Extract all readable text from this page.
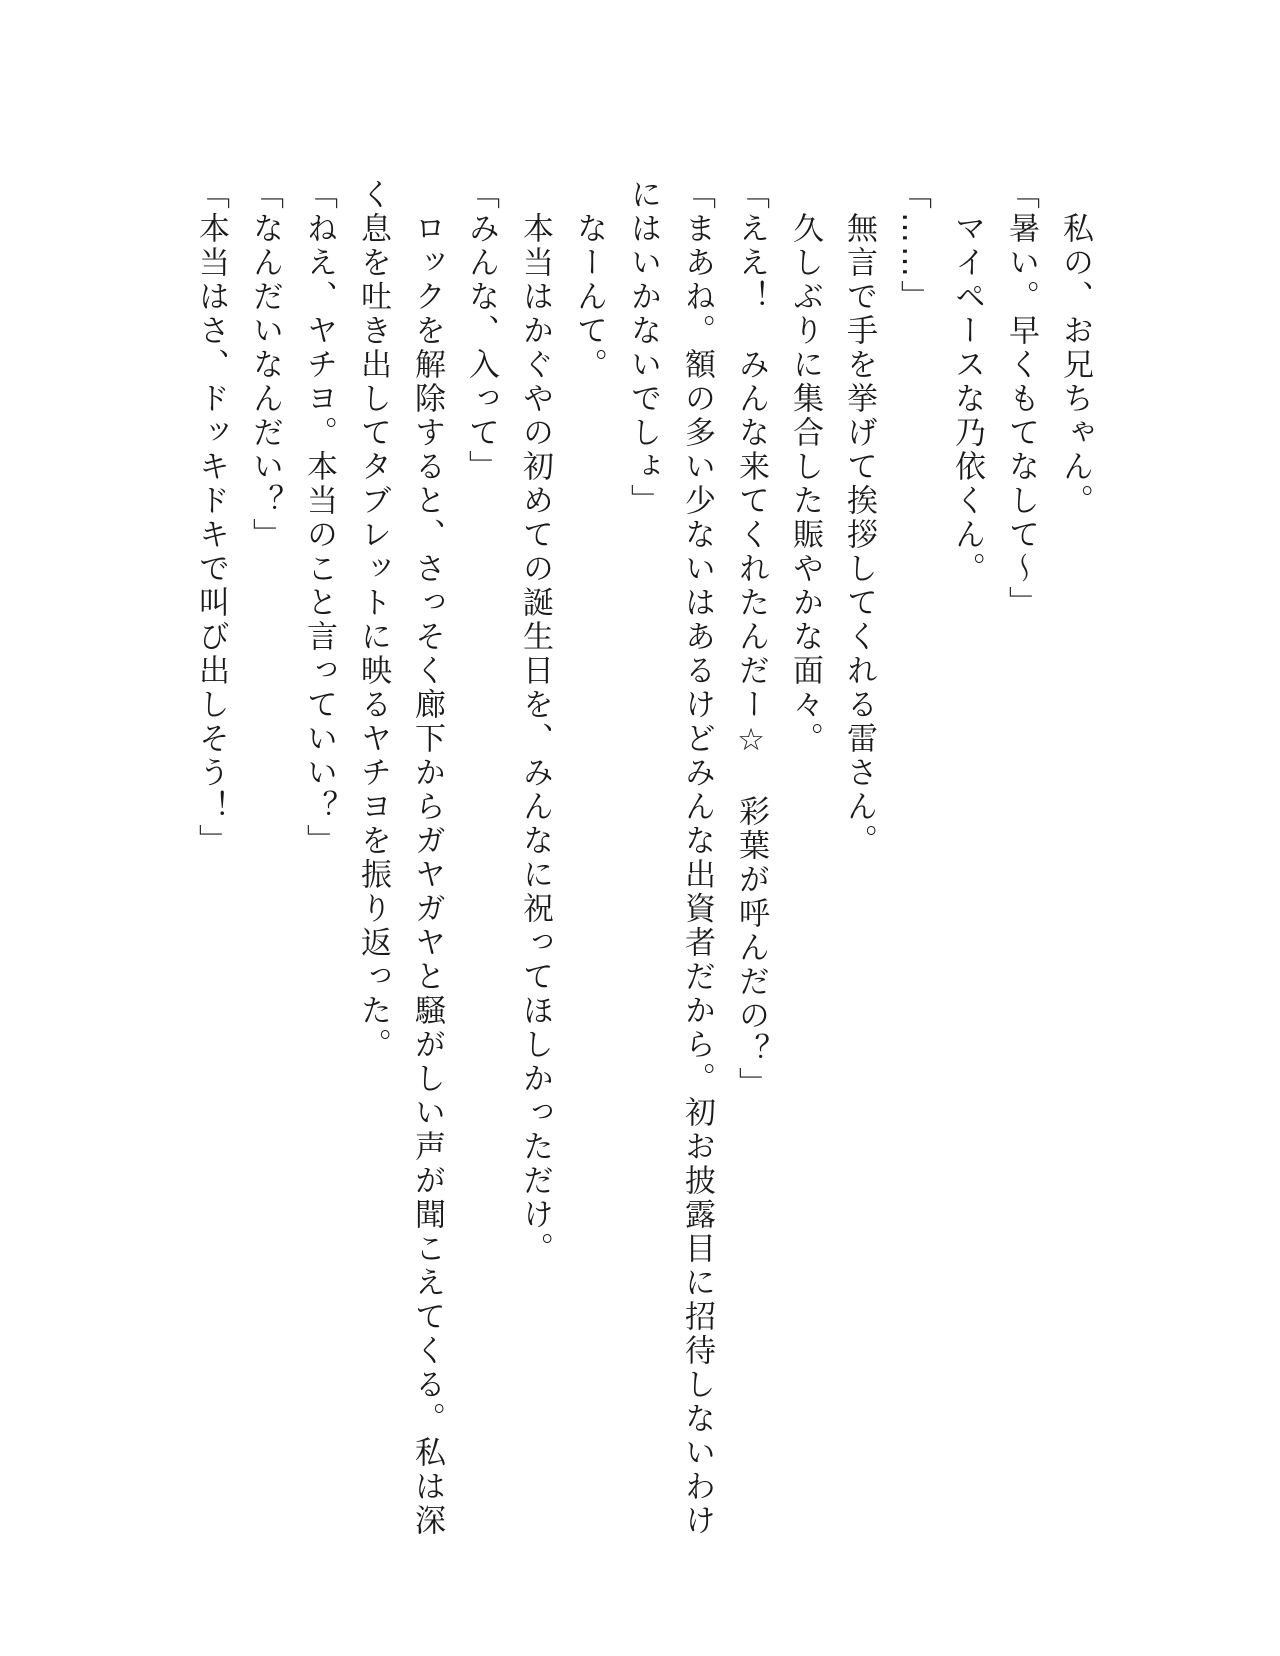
　私の、お兄ちゃん。
「暑い。早くもてなして～」
　マイペースな乃依くん。
「……」
　無言で手を挙げて挨拶してくれる雷さん。
　久しぶりに集合した賑やかな面々。
「ええ！　みんな来てくれたんだー☆　彩葉が呼んだの？」
「まあね。額の多い少ないはあるけどみんな出資者だから。初お披露目に招待しないわけにはいかないでしょ」
　なーんて。
　本当はかぐやの初めての誕生日を、みんなに祝ってほしかっただけ。
「みんな、入って」
　ロックを解除すると、さっそく廊下からガヤガヤと騒がしい声が聞こえてくる。私は深く息を吐き出してタブレットに映るヤチヨを振り返った。
「ねえ、ヤチヨ。本当のこと言っていい？」
「なんだいなんだい？」
「本当はさ、ドッキドキで叫び出しそう！」
